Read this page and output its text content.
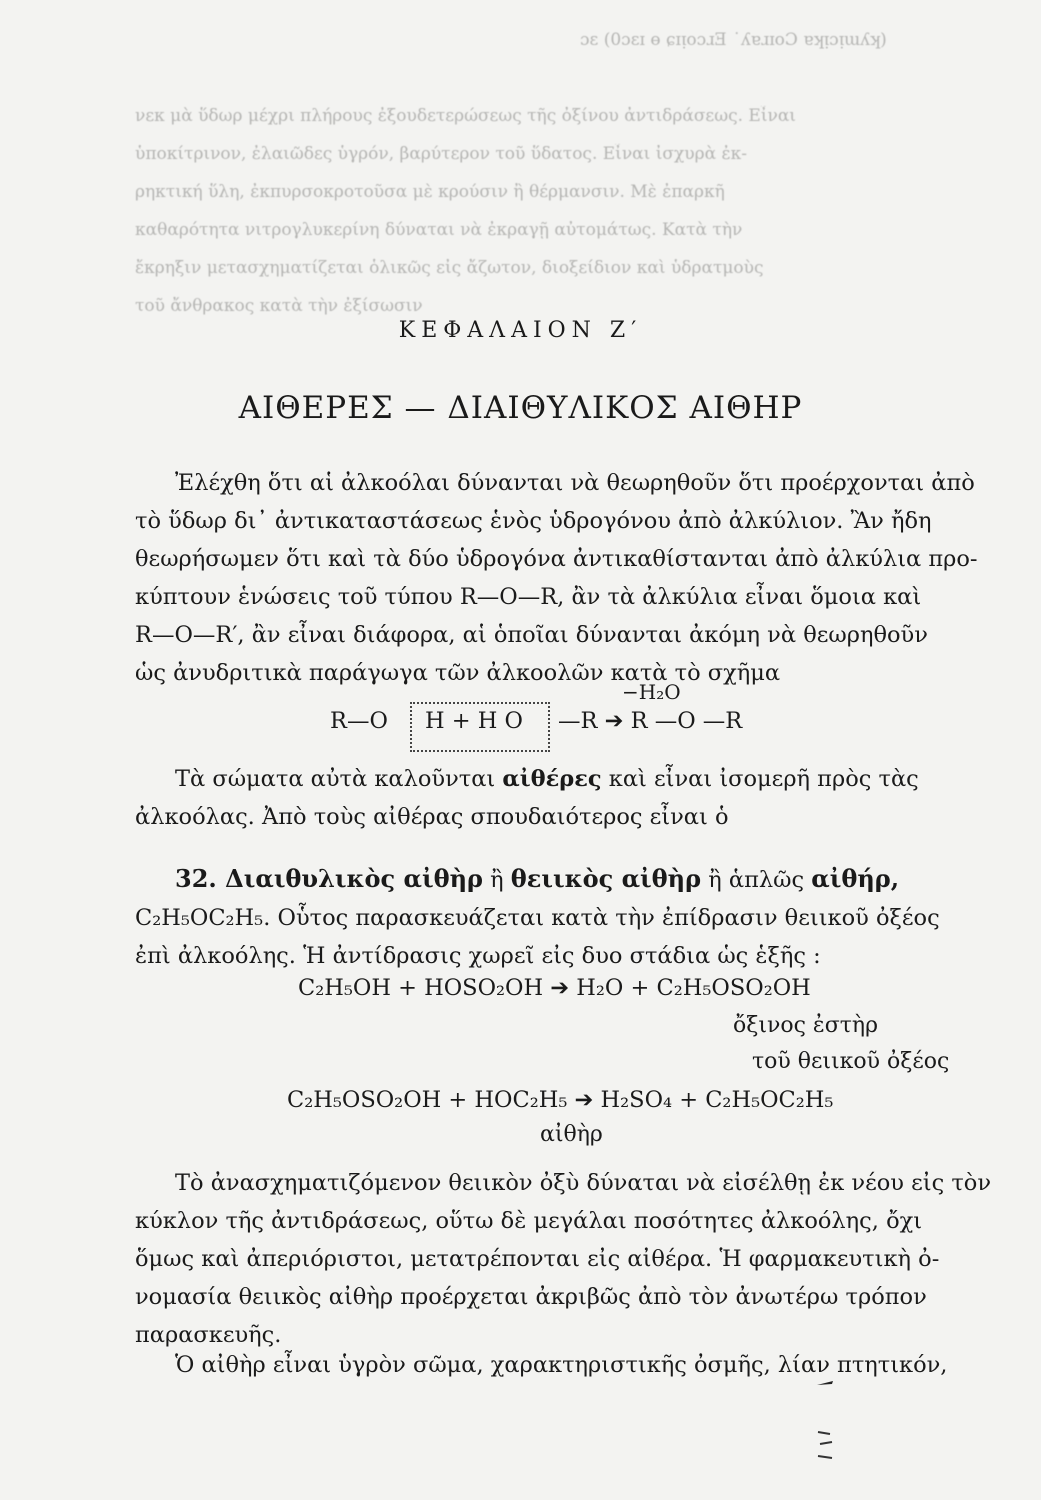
ɔɛ (0ɔɛɪ ɵ ɕɪᴉoɔɹƎ ˙ʎɐɹɪoƆ ɐʞᴉɔᴉɯʎʞ)
νεκ μὰ ὕδωρ μέχρι πλήρους ἐξουδετερώσεως τῆς ὀξίνου ἀντιδράσεως. Εἶναι
ὑποκίτρινον, ἐλαιῶδες ὑγρόν, βαρύτερον τοῦ ὕδατος. Εἶναι ἰσχυρὰ ἐκ-
ρηκτική ὕλη, ἐκπυρσοκροτοῦσα μὲ κρούσιν ἢ θέρμανσιν. Μὲ ἐπαρκῆ
καθαρότητα νιτρογλυκερίνη δύναται νὰ ἐκραγῇ αὐτομάτως. Κατὰ τὴν
ἔκρηξιν μετασχηματίζεται ὁλικῶς εἰς ἄζωτον, διοξείδιον καὶ ὑδρατμοὺς
τοῦ ἄνθρακος κατὰ τὴν ἐξίσωσιν
ΚΕΦΑΛΑΙΟΝ Ζ′
ΑΙΘΕΡΕΣ — ΔΙΑΙΘΥΛΙΚΟΣ ΑΙΘΗΡ
Ἐλέχθη ὅτι αἱ ἀλκοόλαι δύνανται νὰ θεωρηθοῦν ὅτι προέρχονται ἀπὸ
τὸ ὕδωρ δι᾽ ἀντικαταστάσεως ἑνὸς ὑδρογόνου ἀπὸ ἀλκύλιον. Ἂν ἤδη
θεωρήσωμεν ὅτι καὶ τὰ δύο ὑδρογόνα ἀντικαθίστανται ἀπὸ ἀλκύλια προ-
κύπτουν ἑνώσεις τοῦ τύπου R—O—R, ἂν τὰ ἀλκύλια εἶναι ὅμοια καὶ
R—O—R′, ἂν εἶναι διάφορα, αἱ ὁποῖαι δύνανται ἀκόμη νὰ θεωρηθοῦν
ὡς ἀνυδριτικὰ παράγωγα τῶν ἀλκοολῶν κατὰ τὸ σχῆμα
−H₂O
R—O H + H O —R ➔ R —O —R
Τὰ σώματα αὐτὰ καλοῦνται αἰθέρες καὶ εἶναι ἰσομερῆ πρὸς τὰς
ἀλκοόλας. Ἀπὸ τοὺς αἰθέρας σπουδαιότερος εἶναι ὁ
32. Διαιθυλικὸς αἰθὴρ ἢ θειικὸς αἰθὴρ ἢ ἁπλῶς αἰθήρ,
C₂H₅OC₂H₅. Οὗτος παρασκευάζεται κατὰ τὴν ἐπίδρασιν θειικοῦ ὀξέος
ἐπὶ ἀλκοόλης. Ἡ ἀντίδρασις χωρεῖ εἰς δυο στάδια ὡς ἑξῆς :
C₂H₅OH + HOSO₂OH ➔ H₂O + C₂H₅OSO₂OH
ὄξινος ἐστὴρ
τοῦ θειικοῦ ὀξέος
C₂H₅OSO₂OH + HOC₂H₅ ➔ H₂SO₄ + C₂H₅OC₂H₅
αἰθὴρ
Τὸ ἀνασχηματιζόμενον θειικὸν ὀξὺ δύναται νὰ εἰσέλθῃ ἐκ νέου εἰς τὸν
κύκλον τῆς ἀντιδράσεως, οὕτω δὲ μεγάλαι ποσότητες ἀλκοόλης, ὄχι
ὅμως καὶ ἀπεριόριστοι, μετατρέπονται εἰς αἰθέρα. Ἡ φαρμακευτικὴ ὀ-
νομασία θειικὸς αἰθὴρ προέρχεται ἀκριβῶς ἀπὸ τὸν ἀνωτέρω τρόπον
παρασκευῆς.
Ὁ αἰθὴρ εἶναι ὑγρὸν σῶμα, χαρακτηριστικῆς ὀσμῆς, λίαν πτητικόν,
